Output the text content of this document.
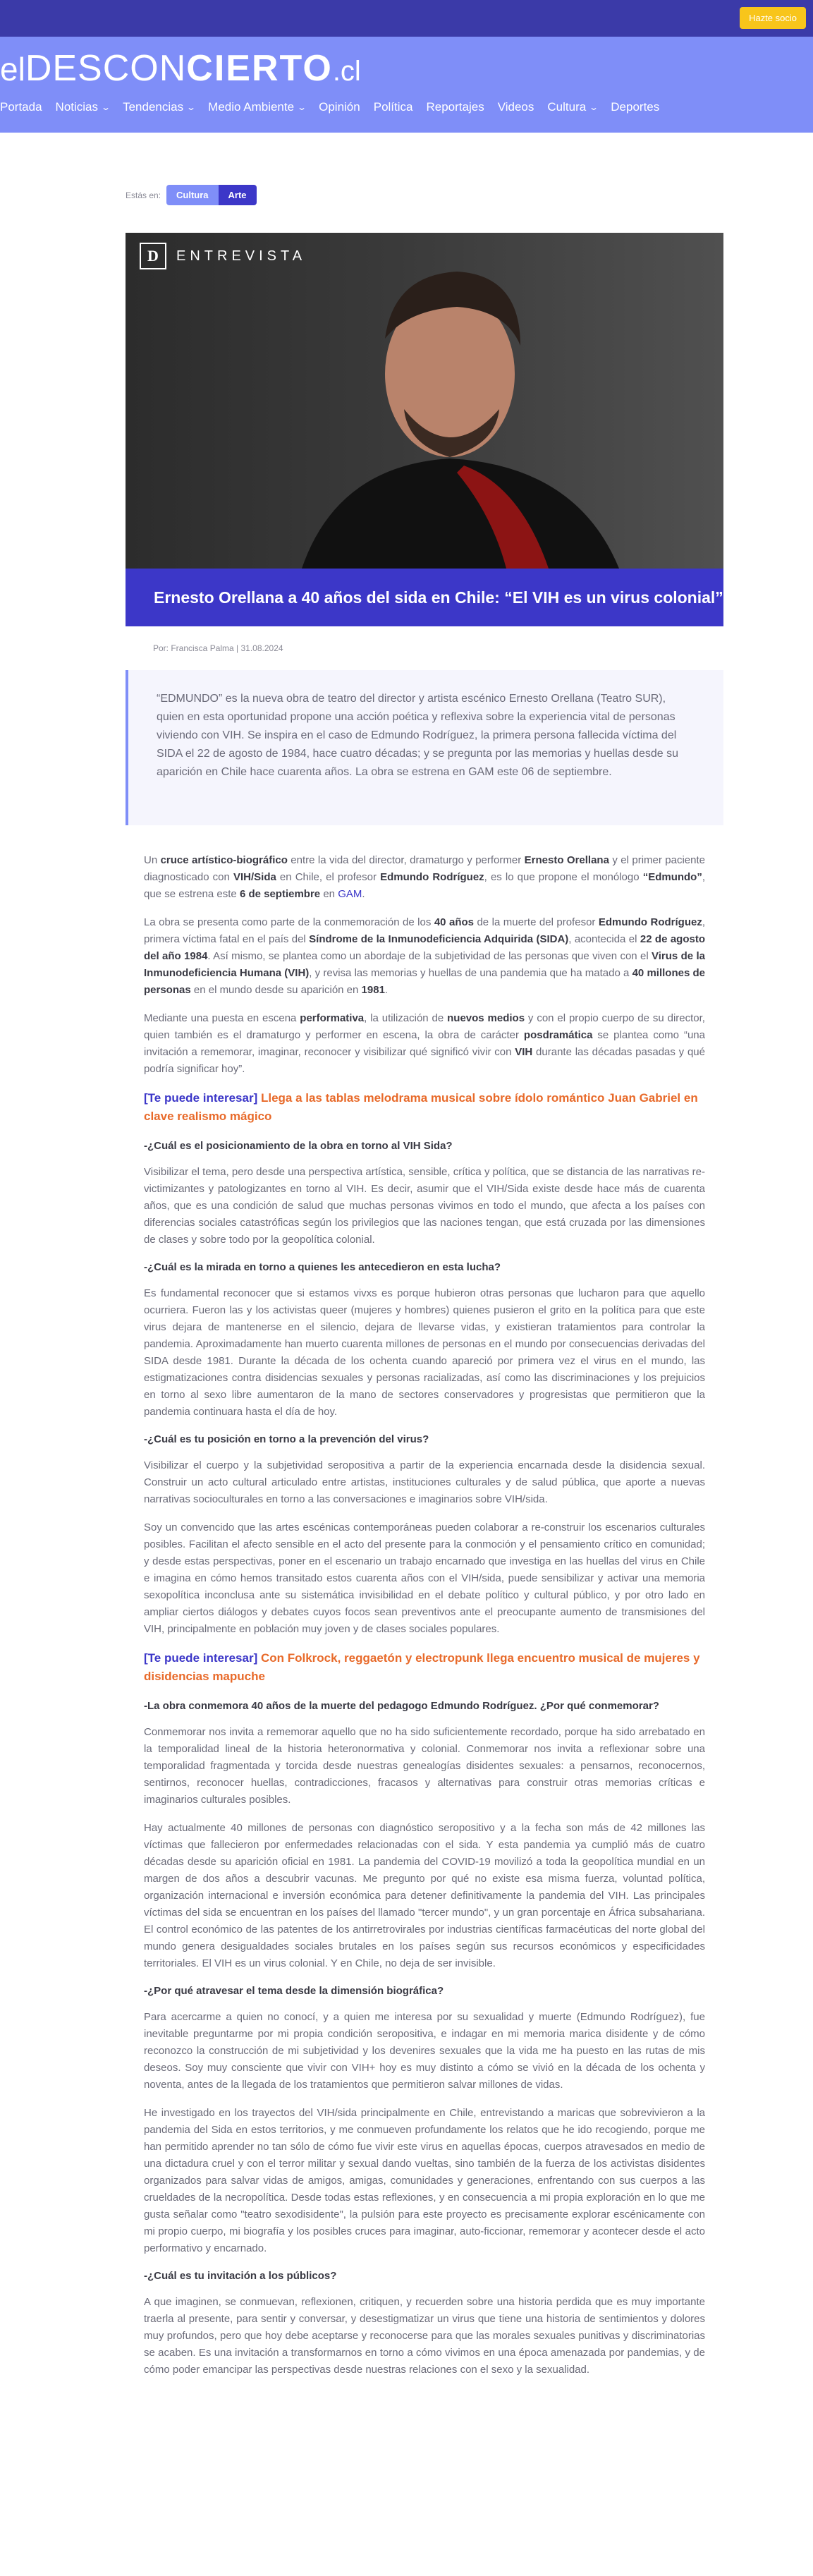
Hazte socio
elDESCONCIERTO.cl
Portada Noticias ⌄ Tendencias ⌄ Medio Ambiente ⌄ Opinión Política Reportajes Videos Cultura ⌄ Deportes
Estás en:	Cultura	Arte
D	ENTREVISTA
Ernesto Orellana a 40 años del sida en Chile: “El VIH es un virus colonial”
Por: Francisca Palma | 31.08.2024

“EDMUNDO” es la nueva obra de teatro del director y artista escénico Ernesto Orellana (Teatro SUR), quien en esta oportunidad propone una acción poética y reflexiva sobre la experiencia vital de personas viviendo con VIH. Se inspira en el caso de Edmundo Rodríguez, la primera persona fallecida víctima del SIDA el 22 de agosto de 1984, hace cuatro décadas; y se pregunta por las memorias y huellas desde su aparición en Chile hace cuarenta años. La obra se estrena en GAM este 06 de septiembre.

Un cruce artístico-biográfico entre la vida del director, dramaturgo y performer Ernesto Orellana y el primer paciente diagnosticado con VIH/Sida en Chile, el profesor Edmundo Rodríguez, es lo que propone el monólogo “Edmundo”, que se estrena este 6 de septiembre en GAM.

La obra se presenta como parte de la conmemoración de los 40 años de la muerte del profesor Edmundo Rodríguez, primera víctima fatal en el país del Síndrome de la Inmunodeficiencia Adquirida (SIDA), acontecida el 22 de agosto del año 1984. Así mismo, se plantea como un abordaje de la subjetividad de las personas que viven con el Virus de la Inmunodeficiencia Humana (VIH), y revisa las memorias y huellas de una pandemia que ha matado a 40 millones de personas en el mundo desde su aparición en 1981.

Mediante una puesta en escena performativa, la utilización de nuevos medios y con el propio cuerpo de su director, quien también es el dramaturgo y performer en escena, la obra de carácter posdramática se plantea como “una invitación a rememorar, imaginar, reconocer y visibilizar qué significó vivir con VIH durante las décadas pasadas y qué podría significar hoy”.

[Te puede interesar] Llega a las tablas melodrama musical sobre ídolo romántico Juan Gabriel en clave realismo mágico
-¿Cuál es el posicionamiento de la obra en torno al VIH Sida?

Visibilizar el tema, pero desde una perspectiva artística, sensible, crítica y política, que se distancia de las narrativas re-victimizantes y patologizantes en torno al VIH. Es decir, asumir que el VIH/Sida existe desde hace más de cuarenta años, que es una condición de salud que muchas personas vivimos en todo el mundo, que afecta a los países con diferencias sociales catastróficas según los privilegios que las naciones tengan, que está cruzada por las dimensiones de clases y sobre todo por la geopolítica colonial.

-¿Cuál es la mirada en torno a quienes les antecedieron en esta lucha?

Es fundamental reconocer que si estamos vivxs es porque hubieron otras personas que lucharon para que aquello ocurriera. Fueron las y los activistas queer (mujeres y hombres) quienes pusieron el grito en la política para que este virus dejara de mantenerse en el silencio, dejara de llevarse vidas, y existieran tratamientos para controlar la pandemia. Aproximadamente han muerto cuarenta millones de personas en el mundo por consecuencias derivadas del SIDA desde 1981. Durante la década de los ochenta cuando apareció por primera vez el virus en el mundo, las estigmatizaciones contra disidencias sexuales y personas racializadas, así como las discriminaciones y los prejuicios en torno al sexo libre aumentaron de la mano de sectores conservadores y progresistas que permitieron que la pandemia continuara hasta el día de hoy.

-¿Cuál es tu posición en torno a la prevención del virus?

Visibilizar el cuerpo y la subjetividad seropositiva a partir de la experiencia encarnada desde la disidencia sexual. Construir un acto cultural articulado entre artistas, instituciones culturales y de salud pública, que aporte a nuevas narrativas socioculturales en torno a las conversaciones e imaginarios sobre VIH/sida.

Soy un convencido que las artes escénicas contemporáneas pueden colaborar a re-construir los escenarios culturales posibles. Facilitan el afecto sensible en el acto del presente para la conmoción y el pensamiento crítico en comunidad; y desde estas perspectivas, poner en el escenario un trabajo encarnado que investiga en las huellas del virus en Chile e imagina en cómo hemos transitado estos cuarenta años con el VIH/sida, puede sensibilizar y activar una memoria sexopolítica inconclusa ante su sistemática invisibilidad en el debate político y cultural público, y por otro lado en ampliar ciertos diálogos y debates cuyos focos sean preventivos ante el preocupante aumento de transmisiones del VIH, principalmente en población muy joven y de clases sociales populares.

[Te puede interesar] Con Folkrock, reggaetón y electropunk llega encuentro musical de mujeres y disidencias mapuche
-La obra conmemora 40 años de la muerte del pedagogo Edmundo Rodríguez. ¿Por qué conmemorar?

Conmemorar nos invita a rememorar aquello que no ha sido suficientemente recordado, porque ha sido arrebatado en la temporalidad lineal de la historia heteronormativa y colonial. Conmemorar nos invita a reflexionar sobre una temporalidad fragmentada y torcida desde nuestras genealogías disidentes sexuales: a pensarnos, reconocernos, sentirnos, reconocer huellas, contradicciones, fracasos y alternativas para construir otras memorias críticas e imaginarios culturales posibles.

Hay actualmente 40 millones de personas con diagnóstico seropositivo y a la fecha son más de 42 millones las víctimas que fallecieron por enfermedades relacionadas con el sida. Y esta pandemia ya cumplió más de cuatro décadas desde su aparición oficial en 1981. La pandemia del COVID-19 movilizó a toda la geopolítica mundial en un margen de dos años a descubrir vacunas. Me pregunto por qué no existe esa misma fuerza, voluntad política, organización internacional e inversión económica para detener definitivamente la pandemia del VIH. Las principales víctimas del sida se encuentran en los países del llamado "tercer mundo", y un gran porcentaje en África subsahariana. El control económico de las patentes de los antirretrovirales por industrias científicas farmacéuticas del norte global del mundo genera desigualdades sociales brutales en los países según sus recursos económicos y especificidades territoriales. El VIH es un virus colonial. Y en Chile, no deja de ser invisible.

-¿Por qué atravesar el tema desde la dimensión biográfica?

Para acercarme a quien no conocí, y a quien me interesa por su sexualidad y muerte (Edmundo Rodríguez), fue inevitable preguntarme por mi propia condición seropositiva, e indagar en mi memoria marica disidente y de cómo reconozco la construcción de mi subjetividad y los devenires sexuales que la vida me ha puesto en las rutas de mis deseos. Soy muy consciente que vivir con VIH+ hoy es muy distinto a cómo se vivió en la década de los ochenta y noventa, antes de la llegada de los tratamientos que permitieron salvar millones de vidas.

He investigado en los trayectos del VIH/sida principalmente en Chile, entrevistando a maricas que sobrevivieron a la pandemia del Sida en estos territorios, y me conmueven profundamente los relatos que he ido recogiendo, porque me han permitido aprender no tan sólo de cómo fue vivir este virus en aquellas épocas, cuerpos atravesados en medio de una dictadura cruel y con el terror militar y sexual dando vueltas, sino también de la fuerza de los activistas disidentes organizados para salvar vidas de amigos, amigas, comunidades y generaciones, enfrentando con sus cuerpos a las crueldades de la necropolítica. Desde todas estas reflexiones, y en consecuencia a mi propia exploración en lo que me gusta señalar como "teatro sexodisidente", la pulsión para este proyecto es precisamente explorar escénicamente con mi propio cuerpo, mi biografía y los posibles cruces para imaginar, auto-ficcionar, rememorar y acontecer desde el acto performativo y encarnado.

-¿Cuál es tu invitación a los públicos?

A que imaginen, se conmuevan, reflexionen, critiquen, y recuerden sobre una historia perdida que es muy importante traerla al presente, para sentir y conversar, y desestigmatizar un virus que tiene una historia de sentimientos y dolores muy profundos, pero que hoy debe aceptarse y reconocerse para que las morales sexuales punitivas y discriminatorias se acaben. Es una invitación a transformarnos en torno a cómo vivimos en una época amenazada por pandemias, y de cómo poder emancipar las perspectivas desde nuestras relaciones con el sexo y la sexualidad.
